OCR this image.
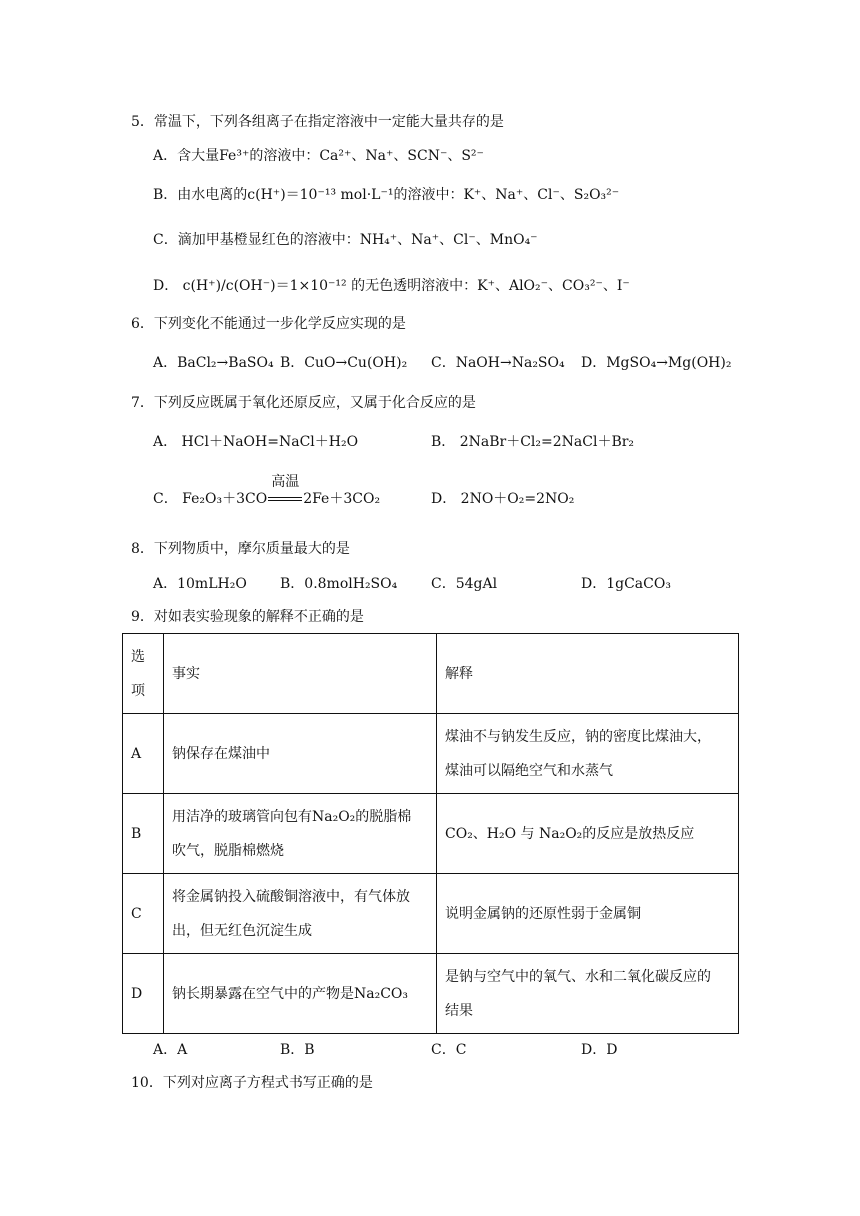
5．常温下，下列各组离子在指定溶液中一定能大量共存的是
A．含大量Fe³⁺的溶液中：Ca²⁺、Na⁺、SCN⁻、S²⁻
B．由水电离的c(H⁺)＝10⁻¹³ mol·L⁻¹的溶液中：K⁺、Na⁺、Cl⁻、S₂O₃²⁻
C．滴加甲基橙显红色的溶液中：NH₄⁺、Na⁺、Cl⁻、MnO₄⁻
D． c(H⁺)/c(OH⁻)＝1×10⁻¹² 的无色透明溶液中：K⁺、AlO₂⁻、CO₃²⁻、I⁻
6．下列变化不能通过一步化学反应实现的是
A．BaCl₂→BaSO₄ B．CuO→Cu(OH)₂ C．NaOH→Na₂SO₄ D．MgSO₄→Mg(OH)₂
7．下列反应既属于氧化还原反应，又属于化合反应的是
A． HCl＋NaOH=NaCl＋H₂O	B． 2NaBr＋Cl₂=2NaCl＋Br₂
C． Fe₂O₃＋3CO
高温
2Fe＋3CO₂	D． 2NO＋O₂=2NO₂
8．下列物质中，摩尔质量最大的是
A．10mLH₂O B．0.8molH₂SO₄ C．54gAl	D．1gCaCO₃
9．对如表实验现象的解释不正确的是
选
项	事实	解释
A	钠保存在煤油中	煤油不与钠发生反应，钠的密度比煤油大，
煤油可以隔绝空气和水蒸气

B	用洁净的玻璃管向包有Na₂O₂的脱脂棉
吹气，脱脂棉燃烧	CO₂、H₂O 与 Na₂O₂的反应是放热反应

C	将金属钠投入硫酸铜溶液中，有气体放
出，但无红色沉淀生成	说明金属钠的还原性弱于金属铜

D	钠长期暴露在空气中的产物是Na₂CO₃	是钠与空气中的氧气、水和二氧化碳反应的
结果
A．A	B．B	C．C	D．D
10．下列对应离子方程式书写正确的是
